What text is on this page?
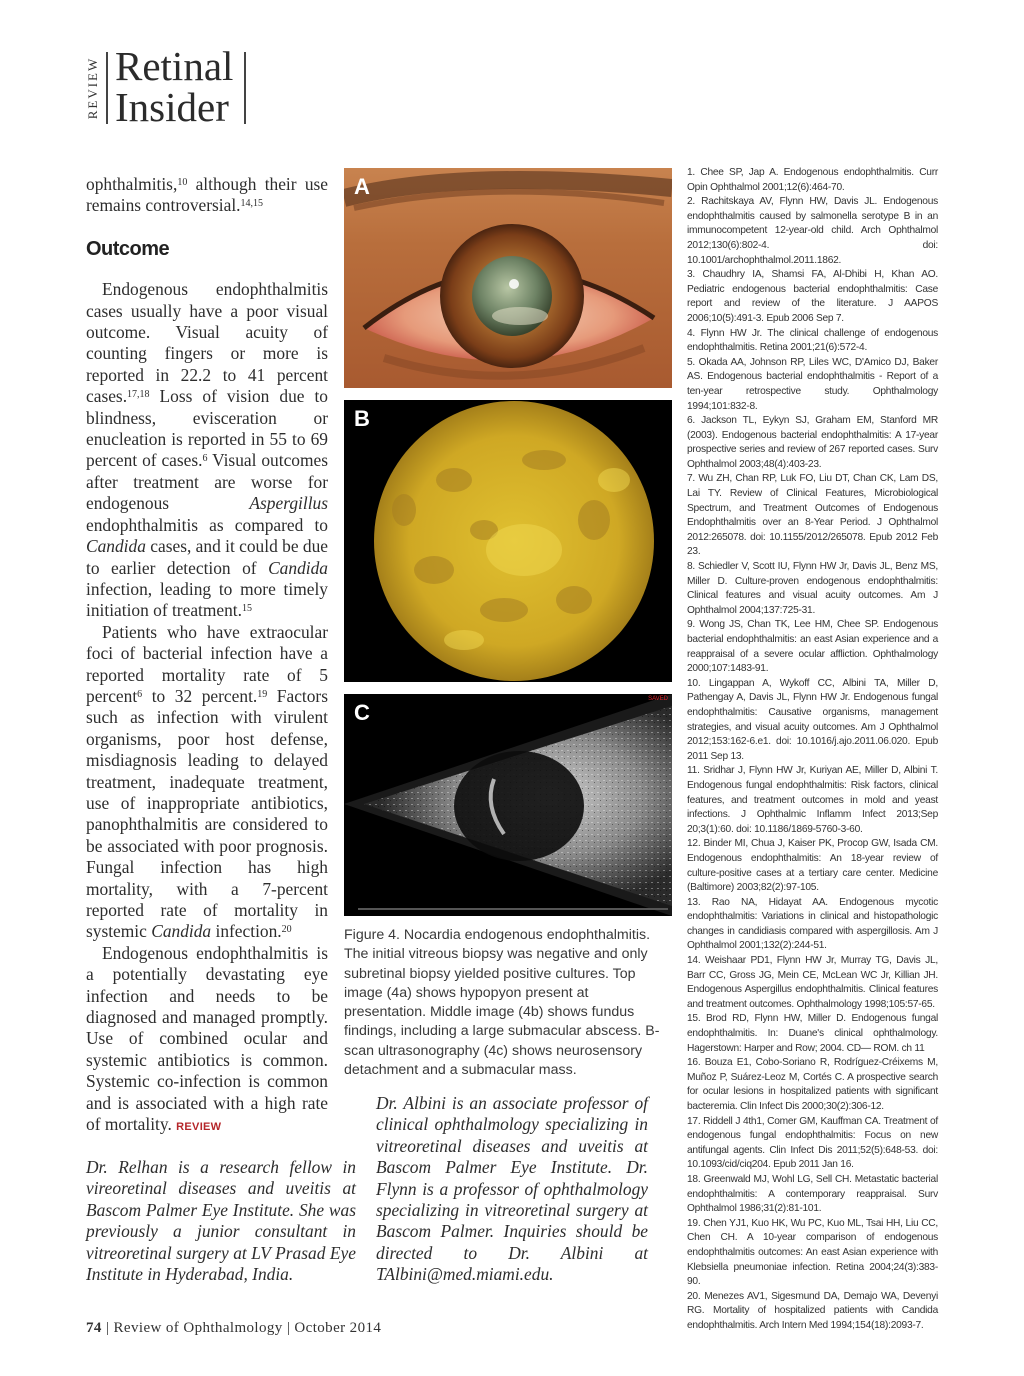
REVIEW Retinal
Insider

ophthalmitis,$^{10}$ although their use remains controversial.$^{14,15}$

Outcome

Endogenous endophthalmitis cases usually have a poor visual outcome. Visual acuity of counting fingers or more is reported in 22.2 to 41 percent cases.$^{17,18}$ Loss of vision due to blindness, evisceration or enucleation is reported in 55 to 69 percent of cases.$^6$ Visual outcomes after treatment are worse for endogenous Aspergillus endophthalmitis as compared to Candida cases, and it could be due to earlier detection of Candida infection, leading to more timely initiation of treatment.$^{15}$

Patients who have extraocular foci of bacterial infection have a reported mortality rate of 5 percent$^6$ to 32 percent.$^{19}$ Factors such as infection with virulent organisms, poor host defense, misdiagnosis leading to delayed treatment, inadequate treatment, use of inappropriate antibiotics, panophthalmitis are considered to be associated with poor prognosis. Fungal infection has high mortality, with a 7-percent reported rate of mortality in systemic Candida infection.$^{20}$

Endogenous endophthalmitis is a potentially devastating eye infection and needs to be diagnosed and managed promptly. Use of combined ocular and systemic antibiotics is common. Systemic co-infection is common and is associated with a high rate of mortality. REVIEW

Dr. Relhan is a research fellow in vireoretinal diseases and uveitis at Bascom Palmer Eye Institute. She was previously a junior consultant in vitreoretinal surgery at LV Prasad Eye Institute in Hyderabad, India.

Dr. Albini is an associate professor of clinical ophthalmology specializing in vitreoretinal diseases and uveitis at Bascom Palmer Eye Institute. Dr. Flynn is a professor of ophthalmology specializing in vitreoretinal surgery at Bascom Palmer. Inquiries should be directed to Dr. Albini at TAlbini@med.miami.edu.

A
B
C
SAVED

Figure 4. Nocardia endogenous endophthalmitis. The initial vitreous biopsy was negative and only subretinal biopsy yielded positive cultures. Top image (4a) shows hypopyon present at presentation. Middle image (4b) shows fundus findings, including a large submacular abscess. B-scan ultrasonography (4c) shows neurosensory detachment and a submacular mass.

1. Chee SP, Jap A. Endogenous endophthalmitis. Curr Opin Ophthalmol 2001;12(6):464-70.
2. Rachitskaya AV, Flynn HW, Davis JL. Endogenous endophthalmitis caused by salmonella serotype B in an immunocompetent 12-year-old child. Arch Ophthalmol 2012;130(6):802-4. doi: 10.1001/archophthalmol.2011.1862.
3. Chaudhry IA, Shamsi FA, Al-Dhibi H, Khan AO. Pediatric endogenous bacterial endophthalmitis: Case report and review of the literature. J AAPOS 2006;10(5):491-3. Epub 2006 Sep 7.
4. Flynn HW Jr. The clinical challenge of endogenous endophthalmitis. Retina 2001;21(6):572-4.
5. Okada AA, Johnson RP, Liles WC, D'Amico DJ, Baker AS. Endogenous bacterial endophthalmitis - Report of a ten-year retrospective study. Ophthalmology 1994;101:832-8.
6. Jackson TL, Eykyn SJ, Graham EM, Stanford MR (2003). Endogenous bacterial endophthalmitis: A 17-year prospective series and review of 267 reported cases. Surv Ophthalmol 2003;48(4):403-23.
7. Wu ZH, Chan RP, Luk FO, Liu DT, Chan CK, Lam DS, Lai TY. Review of Clinical Features, Microbiological Spectrum, and Treatment Outcomes of Endogenous Endophthalmitis over an 8-Year Period. J Ophthalmol 2012:265078. doi: 10.1155/2012/265078. Epub 2012 Feb 23.
8. Schiedler V, Scott IU, Flynn HW Jr, Davis JL, Benz MS, Miller D. Culture-proven endogenous endophthalmitis: Clinical features and visual acuity outcomes. Am J Ophthalmol 2004;137:725-31.
9. Wong JS, Chan TK, Lee HM, Chee SP. Endogenous bacterial endophthalmitis: an east Asian experience and a reappraisal of a severe ocular affliction. Ophthalmology 2000;107:1483-91.
10. Lingappan A, Wykoff CC, Albini TA, Miller D, Pathengay A, Davis JL, Flynn HW Jr. Endogenous fungal endophthalmitis: Causative organisms, management strategies, and visual acuity outcomes. Am J Ophthalmol 2012;153:162-6.e1. doi: 10.1016/j.ajo.2011.06.020. Epub 2011 Sep 13.
11. Sridhar J, Flynn HW Jr, Kuriyan AE, Miller D, Albini T. Endogenous fungal endophthalmitis: Risk factors, clinical features, and treatment outcomes in mold and yeast infections. J Ophthalmic Inflamm Infect 2013;Sep 20;3(1):60. doi: 10.1186/1869-5760-3-60.
12. Binder MI, Chua J, Kaiser PK, Procop GW, Isada CM. Endogenous endophthalmitis: An 18-year review of culture-positive cases at a tertiary care center. Medicine (Baltimore) 2003;82(2):97-105.
13. Rao NA, Hidayat AA. Endogenous mycotic endophthalmitis: Variations in clinical and histopathologic changes in candidiasis compared with aspergillosis. Am J Ophthalmol 2001;132(2):244-51.
14. Weishaar PD1, Flynn HW Jr, Murray TG, Davis JL, Barr CC, Gross JG, Mein CE, McLean WC Jr, Killian JH. Endogenous Aspergillus endophthalmitis. Clinical features and treatment outcomes. Ophthalmology 1998;105:57-65.
15. Brod RD, Flynn HW, Miller D. Endogenous fungal endophthalmitis. In: Duane's clinical ophthalmology. Hagerstown: Harper and Row; 2004. CD— ROM. ch 11
16. Bouza E1, Cobo-Soriano R, Rodríguez-Créixems M, Muñoz P, Suárez-Leoz M, Cortés C. A prospective search for ocular lesions in hospitalized patients with significant bacteremia. Clin Infect Dis 2000;30(2):306-12.
17. Riddell J 4th1, Comer GM, Kauffman CA. Treatment of endogenous fungal endophthalmitis: Focus on new antifungal agents. Clin Infect Dis 2011;52(5):648-53. doi: 10.1093/cid/ciq204. Epub 2011 Jan 16.
18. Greenwald MJ, Wohl LG, Sell CH. Metastatic bacterial endophthalmitis: A contemporary reappraisal. Surv Ophthalmol 1986;31(2):81-101.
19. Chen YJ1, Kuo HK, Wu PC, Kuo ML, Tsai HH, Liu CC, Chen CH. A 10-year comparison of endogenous endophthalmitis outcomes: An east Asian experience with Klebsiella pneumoniae infection. Retina 2004;24(3):383-90.
20. Menezes AV1, Sigesmund DA, Demajo WA, Devenyi RG. Mortality of hospitalized patients with Candida endophthalmitis. Arch Intern Med 1994;154(18):2093-7.
74 | Review of Ophthalmology | October 2014
